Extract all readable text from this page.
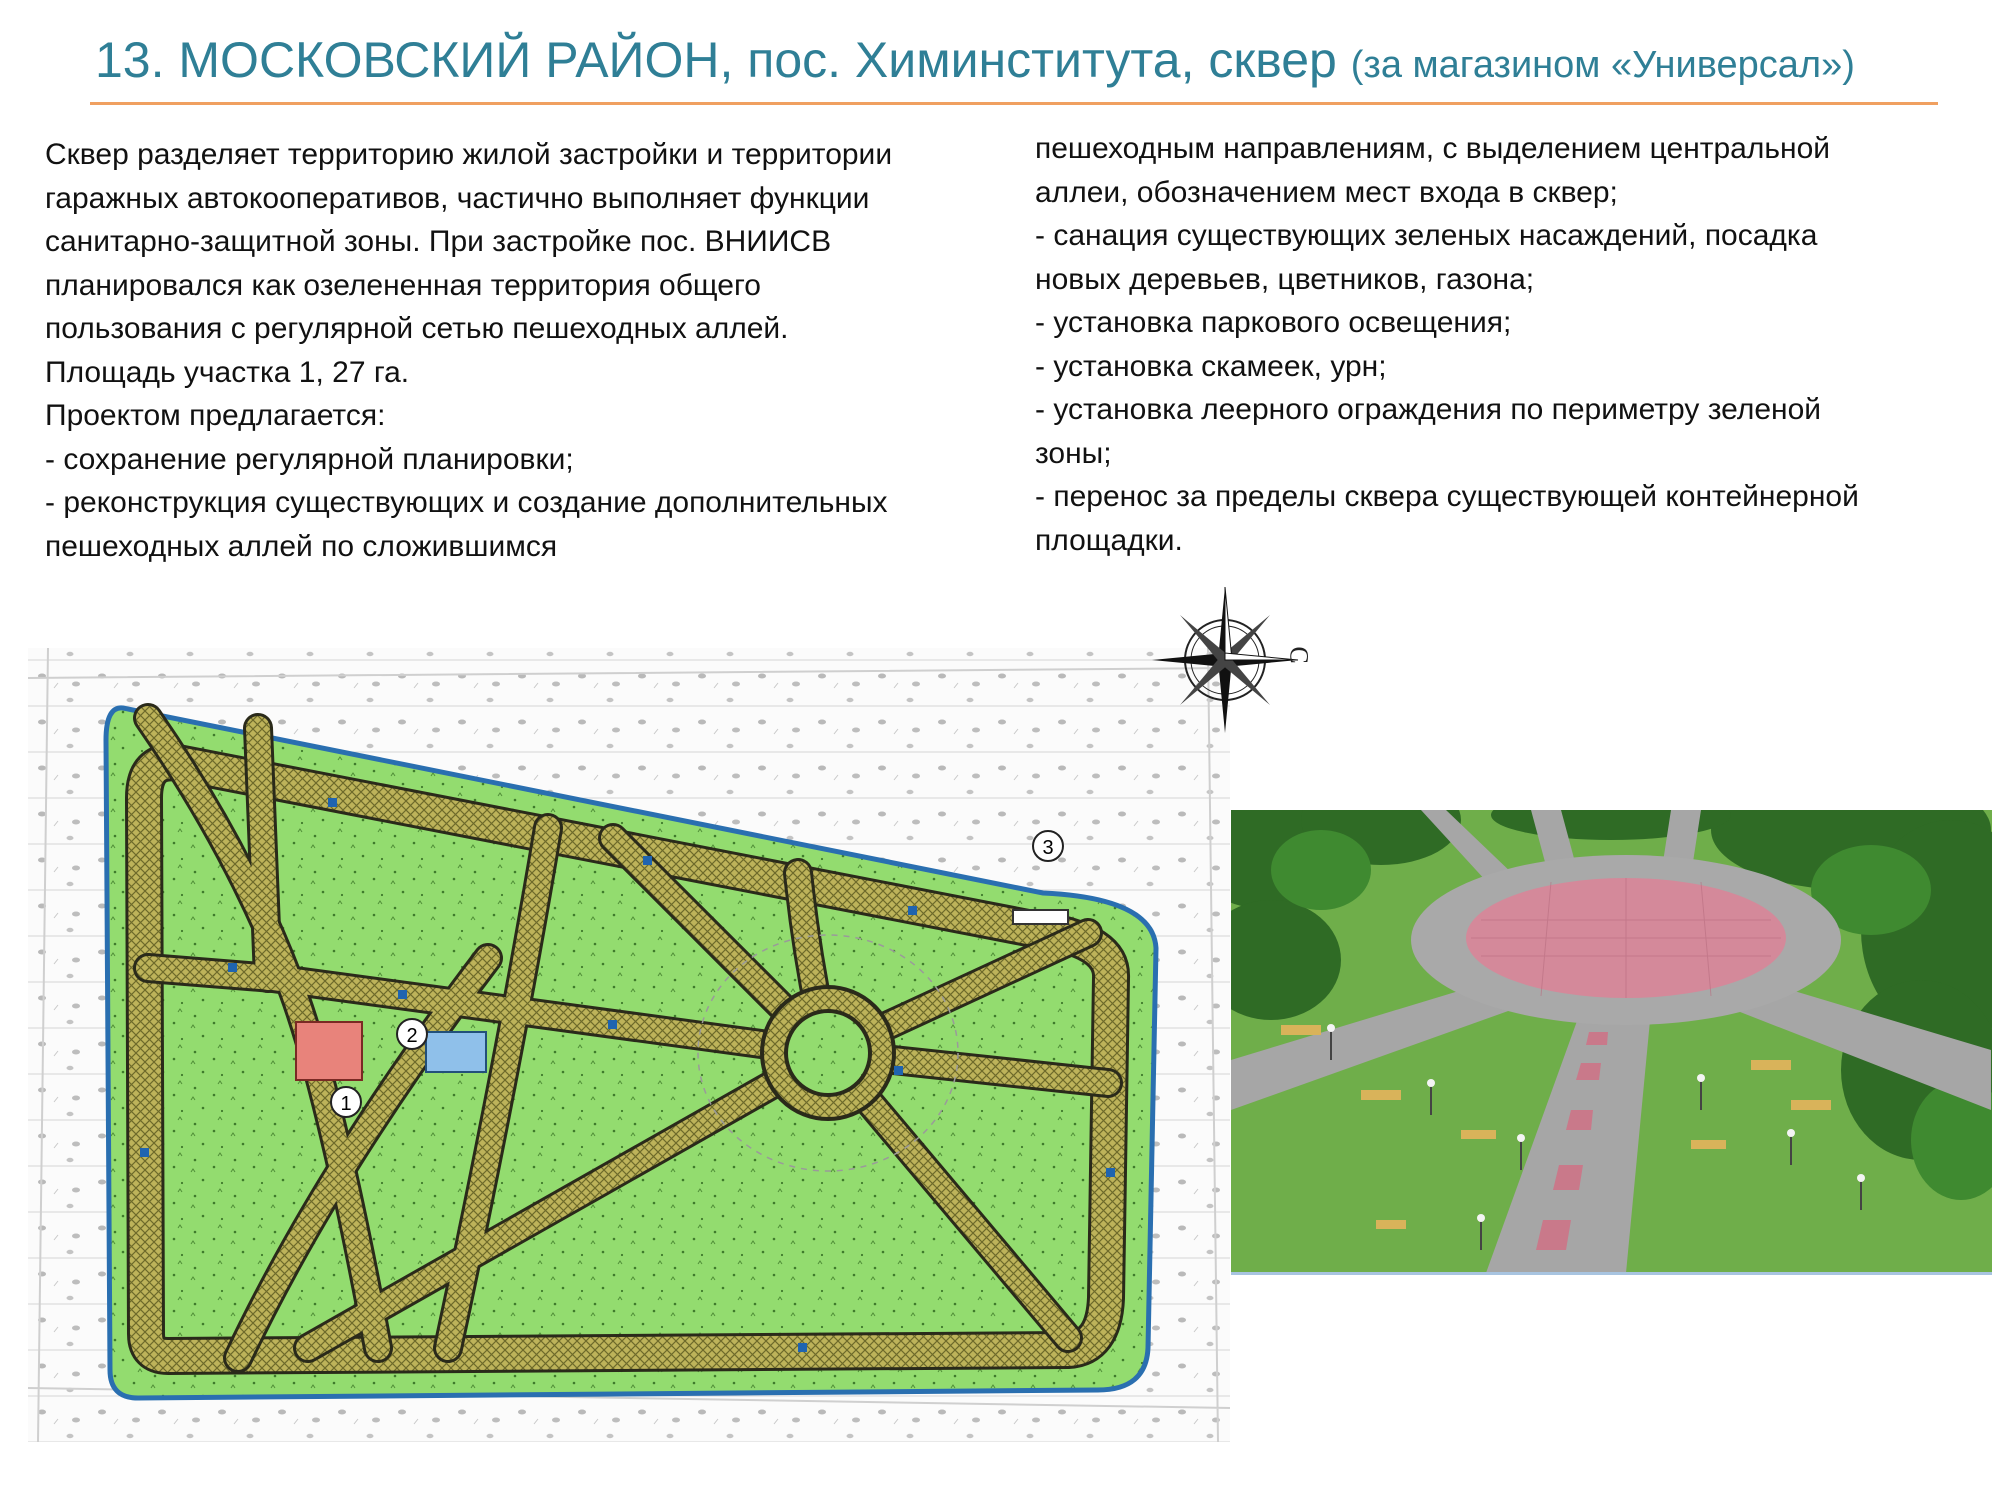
13. МОСКОВСКИЙ РАЙОН, пос. Химинститута, сквер (за магазином «Универсал»)
Сквер разделяет территорию жилой застройки и территории
гаражных автокооперативов, частично выполняет функции
санитарно-защитной зоны. При застройке пос. ВНИИСВ
планировался как озелененная территория общего
пользования с регулярной сетью пешеходных аллей.
Площадь участка 1, 27 га.
Проектом предлагается:
- сохранение регулярной планировки;
- реконструкция существующих и создание дополнительных
пешеходных аллей по сложившимся
пешеходным направлениям, с выделением центральной
аллеи, обозначением мест входа в сквер;
- санация существующих зеленых насаждений, посадка
новых деревьев, цветников, газона;
- установка паркового освещения;
- установка скамеек, урн;
- установка леерного ограждения по периметру зеленой
зоны;
- перенос за пределы сквера существующей контейнерной
площадки.
1
2
3
С
